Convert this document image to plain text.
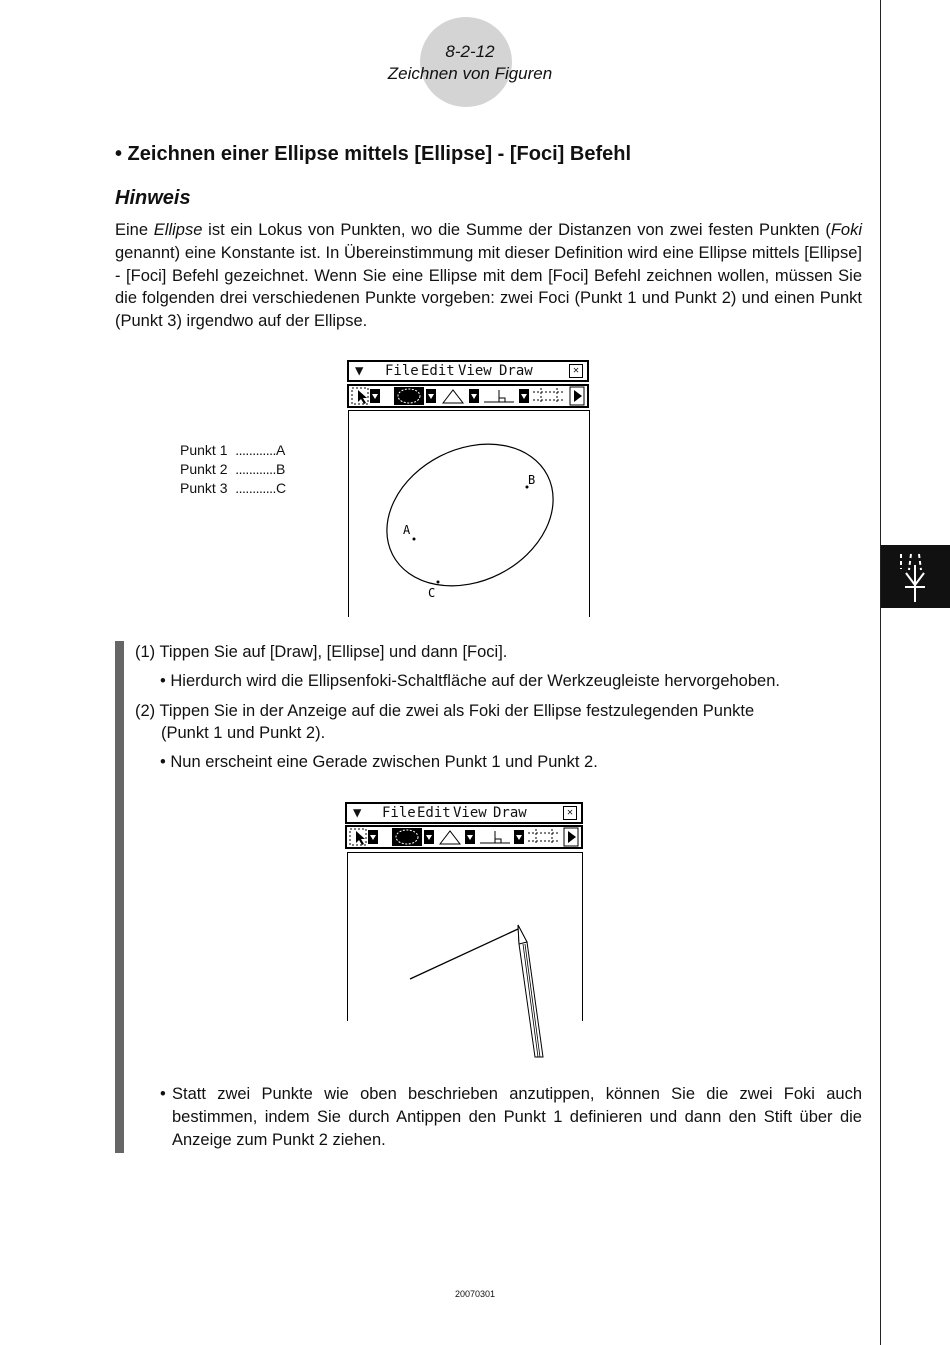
8-2-12
Zeichnen von Figuren
• Zeichnen einer Ellipse mittels [Ellipse] - [Foci] Befehl
Hinweis
Eine Ellipse ist ein Lokus von Punkten, wo die Summe der Distanzen von zwei festen Punkten (Foki genannt) eine Konstante ist. In Übereinstimmung mit dieser Definition wird eine Ellipse mittels [Ellipse] - [Foci] Befehl gezeichnet. Wenn Sie eine Ellipse mit dem [Foci] Befehl zeichnen wollen, müssen Sie die folgenden drei verschiedenen Punkte vorgeben: zwei Foci (Punkt 1 und Punkt 2) und einen Punkt (Punkt 3) irgendwo auf der Ellipse.
Punkt 1 ............A
Punkt 2 ............B
Punkt 3 ............C
▼ File Edit View Draw	✕
A
B
C
(1) Tippen Sie auf [Draw], [Ellipse] und dann [Foci].
• Hierdurch wird die Ellipsenfoki-Schaltfläche auf der Werkzeugleiste hervorgehoben.
(2) Tippen Sie in der Anzeige auf die zwei als Foki der Ellipse festzulegenden Punkte
(Punkt 1 und Punkt 2).
• Nun erscheint eine Gerade zwischen Punkt 1 und Punkt 2.
▼ File Edit View Draw	✕
• Statt zwei Punkte wie oben beschrieben anzutippen, können Sie die zwei Foki auch bestimmen, indem Sie durch Antippen den Punkt 1 definieren und dann den Stift über die Anzeige zum Punkt 2 ziehen.
20070301
